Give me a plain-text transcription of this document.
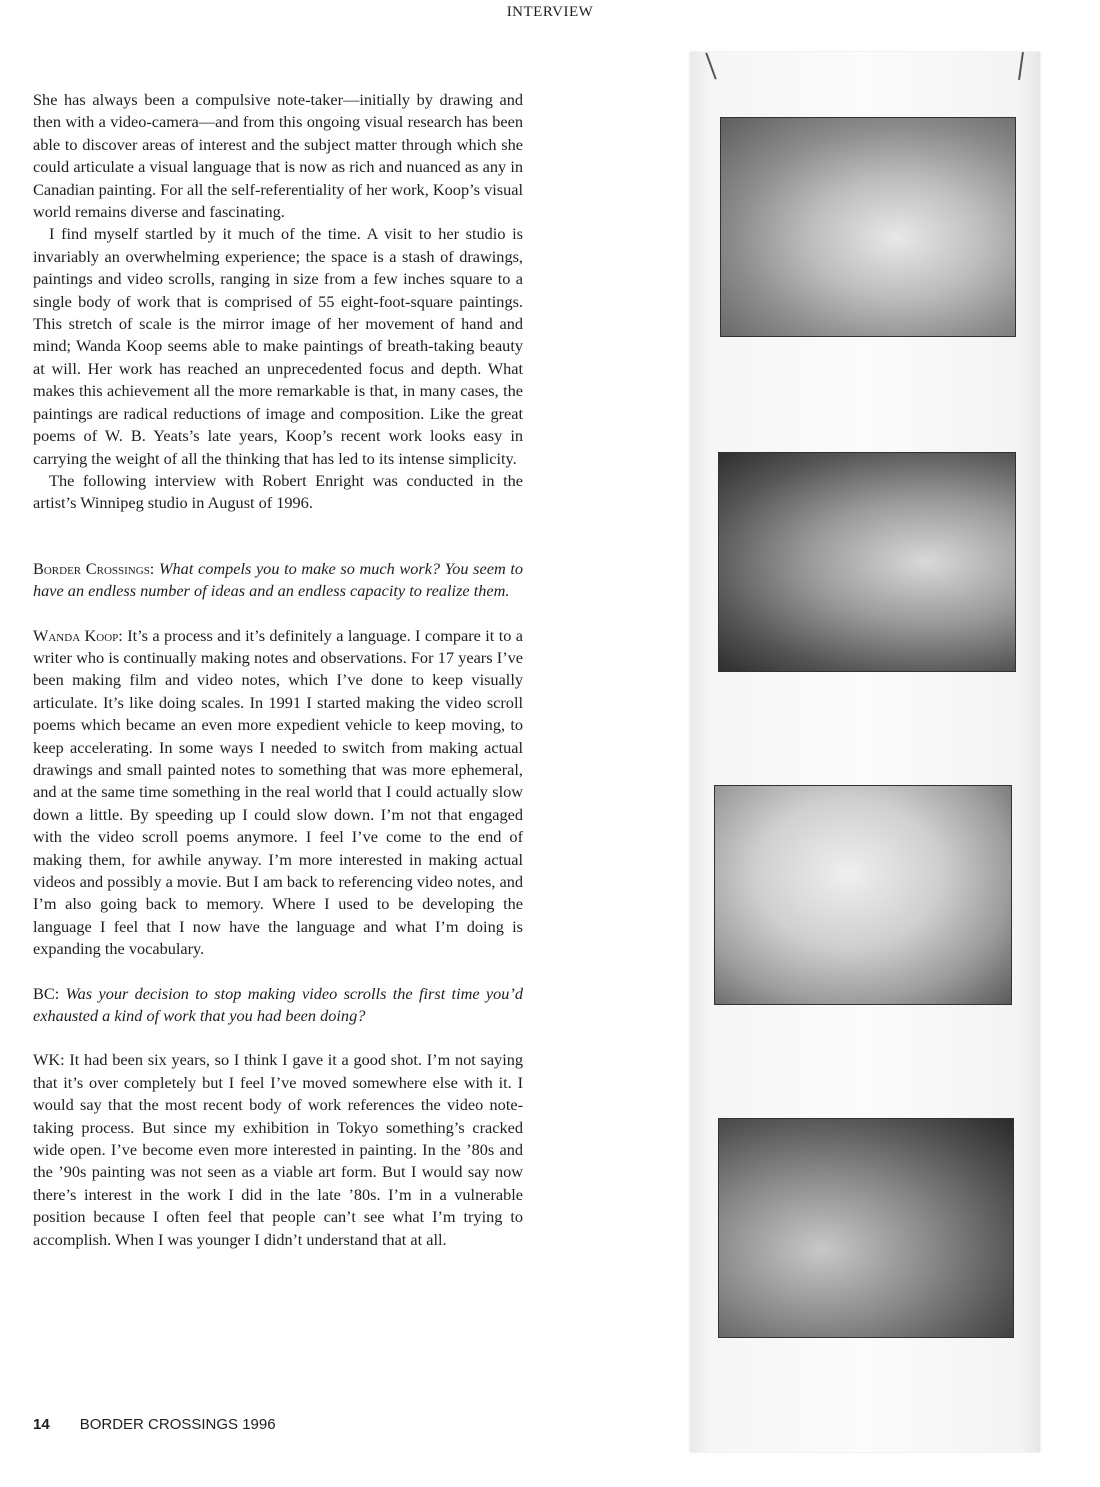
INTERVIEW

She has always been a compulsive note-taker—initially by drawing and then with a video-camera—and from this ongoing visual research has been able to discover areas of interest and the subject matter through which she could articulate a visual language that is now as rich and nuanced as any in Canadian painting. For all the self-referentiality of her work, Koop’s visual world remains diverse and fascinating.

I find myself startled by it much of the time. A visit to her studio is invariably an overwhelming experience; the space is a stash of drawings, paintings and video scrolls, ranging in size from a few inches square to a single body of work that is comprised of 55 eight-foot-square paintings. This stretch of scale is the mirror image of her movement of hand and mind; Wanda Koop seems able to make paintings of breath-taking beauty at will. Her work has reached an unprecedented focus and depth. What makes this achievement all the more remarkable is that, in many cases, the paintings are radical reductions of image and composition. Like the great poems of W. B. Yeats’s late years, Koop’s recent work looks easy in carrying the weight of all the thinking that has led to its intense simplicity.

The following interview with Robert Enright was conducted in the artist’s Winnipeg studio in August of 1996.

Border Crossings: What compels you to make so much work? You seem to have an endless number of ideas and an endless capacity to realize them.

Wanda Koop: It’s a process and it’s definitely a language. I compare it to a writer who is continually making notes and observations. For 17 years I’ve been making film and video notes, which I’ve done to keep visually articulate. It’s like doing scales. In 1991 I started making the video scroll poems which became an even more expedient vehicle to keep moving, to keep accelerating. In some ways I needed to switch from making actual drawings and small painted notes to something that was more ephemeral, and at the same time something in the real world that I could actually slow down a little. By speeding up I could slow down. I’m not that engaged with the video scroll poems anymore. I feel I’ve come to the end of making them, for awhile anyway. I’m more interested in making actual videos and possibly a movie. But I am back to referencing video notes, and I’m also going back to memory. Where I used to be developing the language I feel that I now have the language and what I’m doing is expanding the vocabulary.

BC: Was your decision to stop making video scrolls the first time you’d exhausted a kind of work that you had been doing?

WK: It had been six years, so I think I gave it a good shot. I’m not saying that it’s over completely but I feel I’ve moved somewhere else with it. I would say that the most recent body of work references the video note-taking process. But since my exhibition in Tokyo something’s cracked wide open. I’ve become even more interested in painting. In the ’80s and the ’90s painting was not seen as a viable art form. But I would say now there’s interest in the work I did in the late ’80s. I’m in a vulnerable position because I often feel that people can’t see what I’m trying to accomplish. When I was younger I didn’t understand that at all.

14 BORDER CROSSINGS 1996
